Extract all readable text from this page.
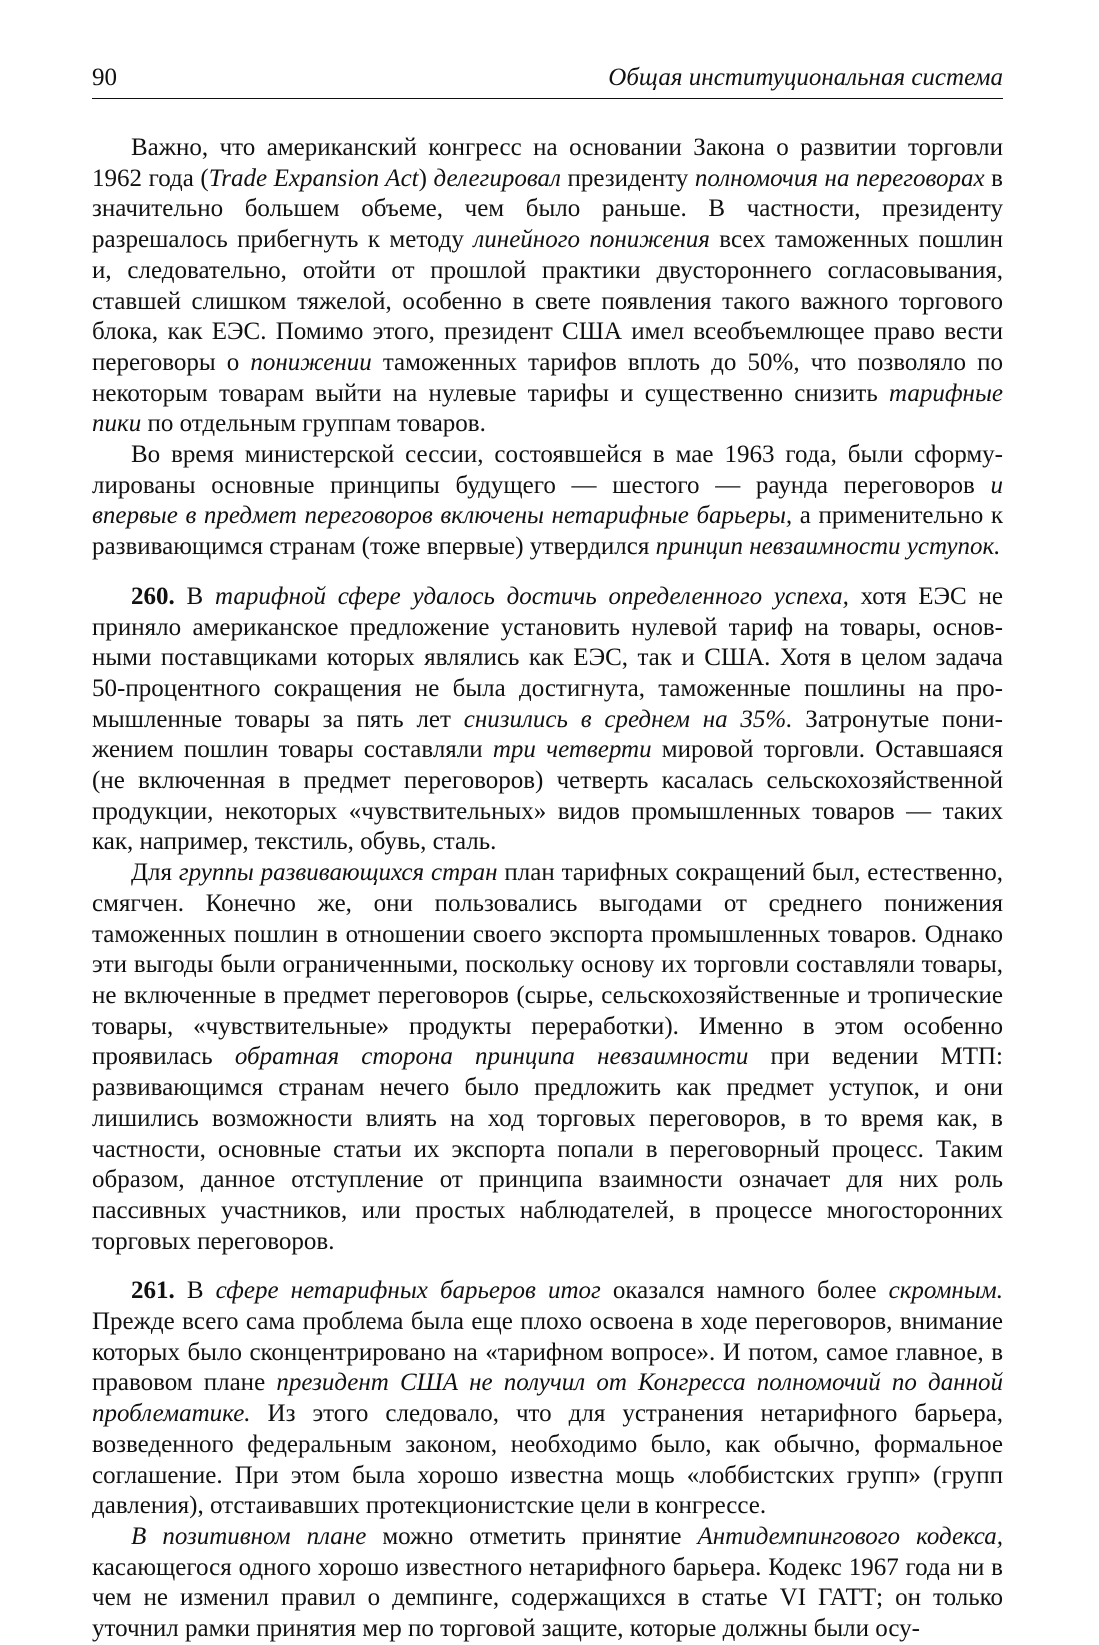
90	Общая институциональная система

Важно, что американский конгресс на основании Закона о развитии торговли 1962 года (Trade Expansion Act) делегировал президенту полномочия на переговорах в значительно большем объеме, чем было раньше. В частности, президенту разрешалось прибегнуть к методу линейного понижения всех таможенных пошлин и, следовательно, отойти от прошлой практики двустороннего согласовывания, ставшей слишком тяжелой, особенно в свете появления такого важного торгового блока, как ЕЭС. Помимо этого, президент США имел всеобъемлющее право вести переговоры о понижении таможенных тарифов вплоть до 50%, что позволяло по некоторым товарам выйти на нулевые тарифы и существенно снизить тарифные пики по отдельным группам товаров.

Во время министерской сессии, состоявшейся в мае 1963 года, были сформулированы основные принципы будущего — шестого — раунда переговоров и впервые в предмет переговоров включены нетарифные барьеры, а применительно к развивающимся странам (тоже впервые) утвердился принцип невзаимности уступок.

260. В тарифной сфере удалось достичь определенного успеха, хотя ЕЭС не приняло американское предложение установить нулевой тариф на товары, основными поставщиками которых являлись как ЕЭС, так и США. Хотя в целом задача 50-процентного сокращения не была достигнута, таможенные пошлины на промышленные товары за пять лет снизились в среднем на 35%. Затронутые понижением пошлин товары составляли три четверти мировой торговли. Оставшаяся (не включенная в предмет переговоров) четверть касалась сельскохозяйственной продукции, некоторых «чувствительных» видов промышленных товаров — таких как, например, текстиль, обувь, сталь.

Для группы развивающихся стран план тарифных сокращений был, естественно, смягчен. Конечно же, они пользовались выгодами от среднего понижения таможенных пошлин в отношении своего экспорта промышленных товаров. Однако эти выгоды были ограниченными, поскольку основу их торговли составляли товары, не включенные в предмет переговоров (сырье, сельскохозяйственные и тропические товары, «чувствительные» продукты переработки). Именно в этом особенно проявилась обратная сторона принципа невзаимности при ведении МТП: развивающимся странам нечего было предложить как предмет уступок, и они лишились возможности влиять на ход торговых переговоров, в то время как, в частности, основные статьи их экспорта попали в переговорный процесс. Таким образом, данное отступление от принципа взаимности означает для них роль пассивных участников, или простых наблюдателей, в процессе многосторонних торговых переговоров.

261. В сфере нетарифных барьеров итог оказался намного более скромным. Прежде всего сама проблема была еще плохо освоена в ходе переговоров, внимание которых было сконцентрировано на «тарифном вопросе». И потом, самое главное, в правовом плане президент США не получил от Конгресса полномочий по данной проблематике. Из этого следовало, что для устранения нетарифного барьера, возведенного федеральным законом, необходимо было, как обычно, формальное соглашение. При этом была хорошо известна мощь «лоббистских групп» (групп давления), отстаивавших протекционистские цели в конгрессе.

В позитивном плане можно отметить принятие Антидемпингового кодекса, касающегося одного хорошо известного нетарифного барьера. Кодекс 1967 года ни в чем не изменил правил о демпинге, содержащихся в статье VI ГАТТ; он только уточнил рамки принятия мер по торговой защите, которые должны были осу-
